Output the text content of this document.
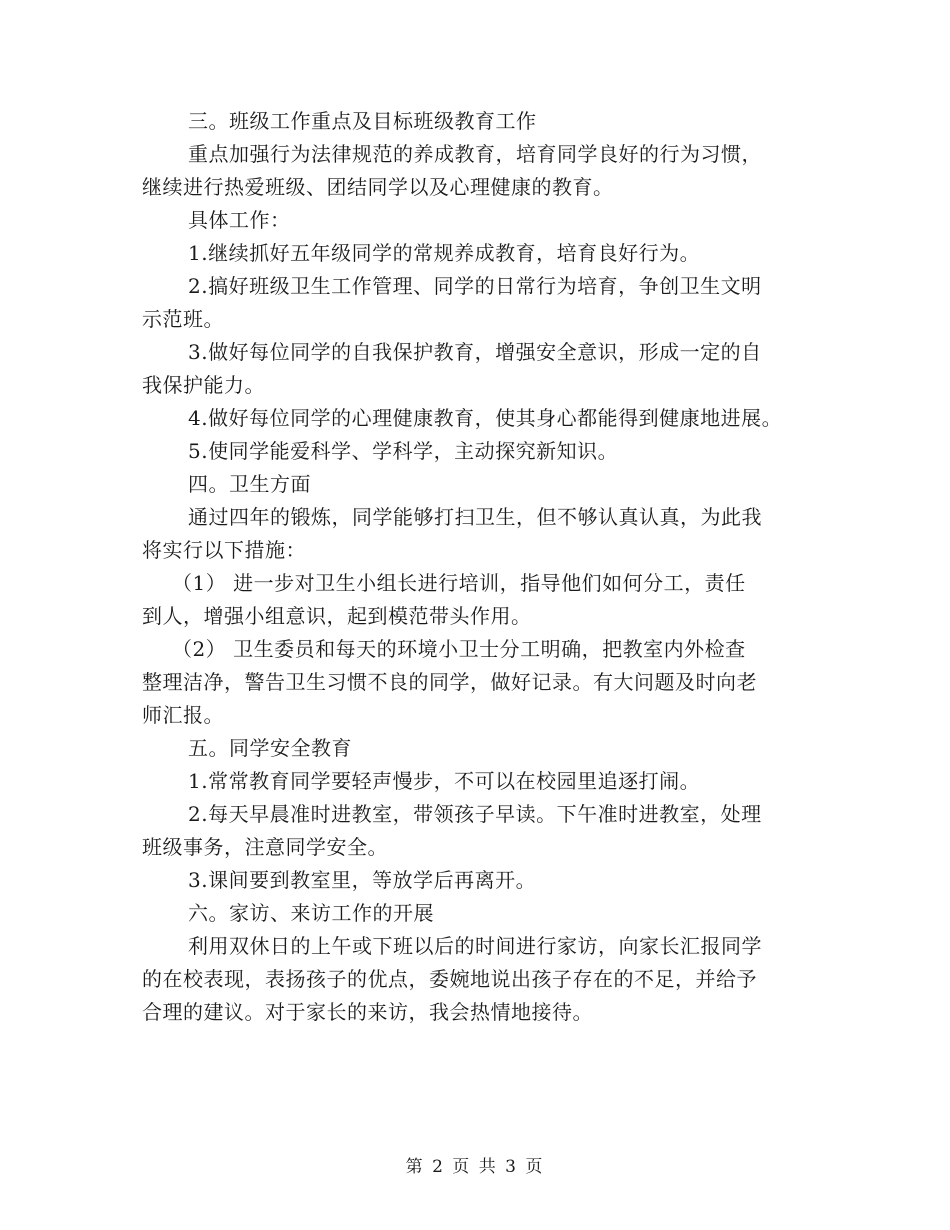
三。班级工作重点及目标班级教育工作
重点加强行为法律规范的养成教育，培育同学良好的行为习惯，
继续进行热爱班级、团结同学以及心理健康的教育。
具体工作：
1.继续抓好五年级同学的常规养成教育，培育良好行为。
2.搞好班级卫生工作管理、同学的日常行为培育，争创卫生文明
示范班。
3.做好每位同学的自我保护教育，增强安全意识，形成一定的自
我保护能力。
4.做好每位同学的心理健康教育，使其身心都能得到健康地进展。
5.使同学能爱科学、学科学，主动探究新知识。
四。卫生方面
通过四年的锻炼，同学能够打扫卫生，但不够认真认真，为此我
将实行以下措施：
（1） 进一步对卫生小组长进行培训，指导他们如何分工，责任
到人，增强小组意识，起到模范带头作用。
（2） 卫生委员和每天的环境小卫士分工明确，把教室内外检查
整理洁净，警告卫生习惯不良的同学，做好记录。有大问题及时向老
师汇报。
五。同学安全教育
1.常常教育同学要轻声慢步，不可以在校园里追逐打闹。
2.每天早晨准时进教室，带领孩子早读。下午准时进教室，处理
班级事务，注意同学安全。
3.课间要到教室里，等放学后再离开。
六。家访、来访工作的开展
利用双休日的上午或下班以后的时间进行家访，向家长汇报同学
的在校表现，表扬孩子的优点，委婉地说出孩子存在的不足，并给予
合理的建议。对于家长的来访，我会热情地接待。
第 2 页 共 3 页
